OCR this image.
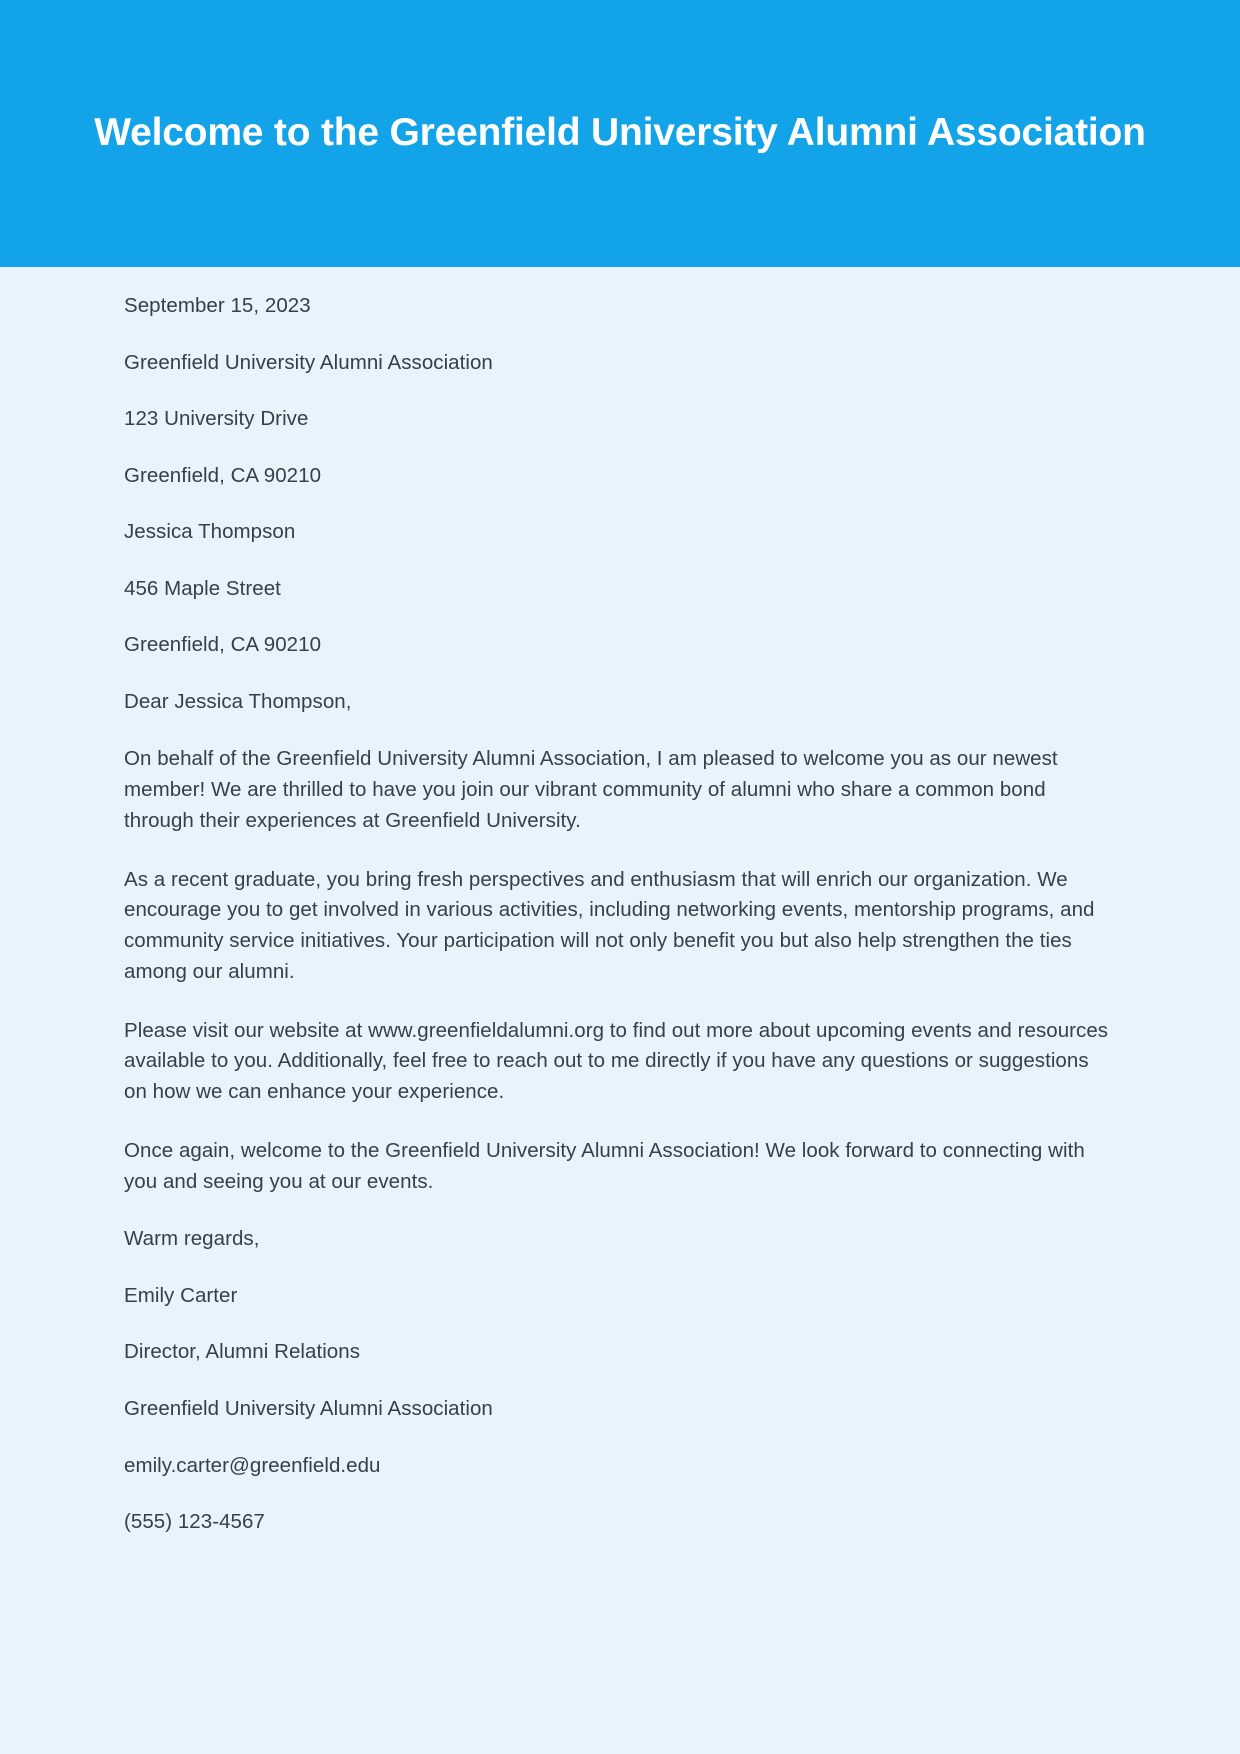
Welcome to the Greenfield University Alumni Association

September 15, 2023

Greenfield University Alumni Association

123 University Drive

Greenfield, CA 90210

Jessica Thompson

456 Maple Street

Greenfield, CA 90210

Dear Jessica Thompson,

On behalf of the Greenfield University Alumni Association, I am pleased to welcome you as our newest member! We are thrilled to have you join our vibrant community of alumni who share a common bond through their experiences at Greenfield University.

As a recent graduate, you bring fresh perspectives and enthusiasm that will enrich our organization. We encourage you to get involved in various activities, including networking events, mentorship programs, and community service initiatives. Your participation will not only benefit you but also help strengthen the ties among our alumni.

Please visit our website at www.greenfieldalumni.org to find out more about upcoming events and resources available to you. Additionally, feel free to reach out to me directly if you have any questions or suggestions on how we can enhance your experience.

Once again, welcome to the Greenfield University Alumni Association! We look forward to connecting with you and seeing you at our events.

Warm regards,

Emily Carter

Director, Alumni Relations

Greenfield University Alumni Association

emily.carter@greenfield.edu

(555) 123-4567
